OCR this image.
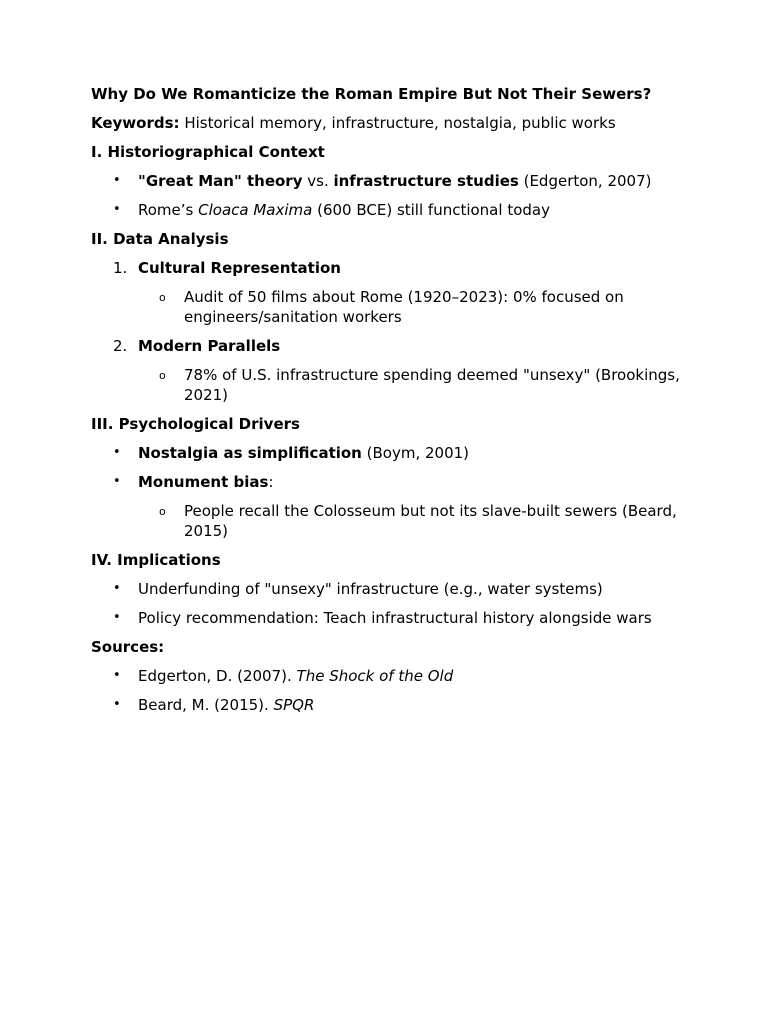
Why Do We Romanticize the Roman Empire But Not Their Sewers?

Keywords: Historical memory, infrastructure, nostalgia, public works

I. Historiographical Context

• "Great Man" theory vs. infrastructure studies (Edgerton, 2007)
• Rome’s Cloaca Maxima (600 BCE) still functional today

II. Data Analysis

1. Cultural Representation
o Audit of 50 films about Rome (1920–2023): 0% focused on engineers/sanitation workers
2. Modern Parallels
o 78% of U.S. infrastructure spending deemed "unsexy" (Brookings, 2021)

III. Psychological Drivers

• Nostalgia as simplification (Boym, 2001)
• Monument bias:
o People recall the Colosseum but not its slave-built sewers (Beard, 2015)

IV. Implications

• Underfunding of "unsexy" infrastructure (e.g., water systems)
• Policy recommendation: Teach infrastructural history alongside wars

Sources:

• Edgerton, D. (2007). The Shock of the Old
• Beard, M. (2015). SPQR
